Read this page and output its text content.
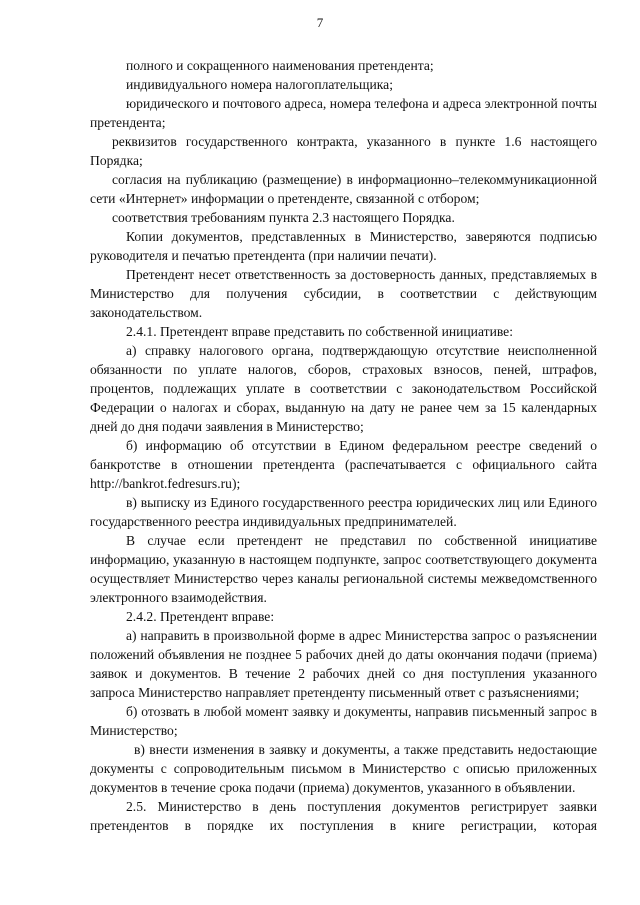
7

полного и сокращенного наименования претендента;

индивидуального номера налогоплательщика;

юридического и почтового адреса, номера телефона и адреса электронной почты претендента;

реквизитов государственного контракта, указанного в пункте 1.6 настоящего Порядка;

согласия на публикацию (размещение) в информационно–телекоммуникационной сети «Интернет» информации о претенденте, связанной с отбором;

соответствия требованиям пункта 2.3 настоящего Порядка.

Копии документов, представленных в Министерство, заверяются подписью руководителя и печатью претендента (при наличии печати).

Претендент несет ответственность за достоверность данных, представляемых в Министерство для получения субсидии, в соответствии с действующим законодательством.

2.4.1. Претендент вправе представить по собственной инициативе:

а) справку налогового органа, подтверждающую отсутствие неисполненной обязанности по уплате налогов, сборов, страховых взносов, пеней, штрафов, процентов, подлежащих уплате в соответствии с законодательством Российской Федерации о налогах и сборах, выданную на дату не ранее чем за 15 календарных дней до дня подачи заявления в Министерство;

б) информацию об отсутствии в Едином федеральном реестре сведений о банкротстве в отношении претендента (распечатывается с официального сайта http://bankrot.fedresurs.ru);

в) выписку из Единого государственного реестра юридических лиц или Единого государственного реестра индивидуальных предпринимателей.

В случае если претендент не представил по собственной инициативе информацию, указанную в настоящем подпункте, запрос соответствующего документа осуществляет Министерство через каналы региональной системы межведомственного электронного взаимодействия.

2.4.2. Претендент вправе:

а) направить в произвольной форме в адрес Министерства запрос о разъяснении положений объявления не позднее 5 рабочих дней до даты окончания подачи (приема) заявок и документов. В течение 2 рабочих дней со дня поступления указанного запроса Министерство направляет претенденту письменный ответ с разъяснениями;

б) отозвать в любой момент заявку и документы, направив письменный запрос в Министерство;

в) внести изменения в заявку и документы, а также представить недостающие документы с сопроводительным письмом в Министерство с описью приложенных документов в течение срока подачи (приема) документов, указанного в объявлении.

2.5. Министерство в день поступления документов регистрирует заявки претендентов в порядке их поступления в книге регистрации, которая
